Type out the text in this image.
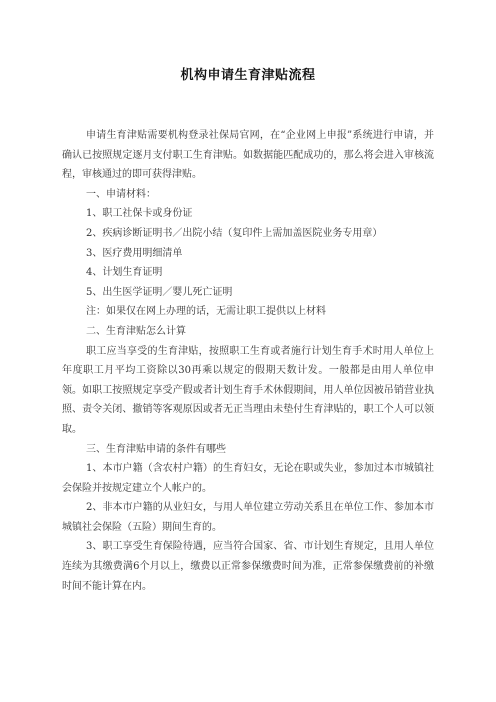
机构申请生育津贴流程

申请生育津贴需要机构登录社保局官网，在“企业网上申报”系统进行申请，并确认已按照规定逐月支付职工生育津贴。如数据能匹配成功的，那么将会进入审核流程，审核通过的即可获得津贴。

一、申请材料：

1、职工社保卡或身份证

2、疾病诊断证明书／出院小结（复印件上需加盖医院业务专用章）

3、医疗费用明细清单

4、计划生育证明

5、出生医学证明／婴儿死亡证明

注：如果仅在网上办理的话，无需让职工提供以上材料

二、生育津贴怎么计算

职工应当享受的生育津贴，按照职工生育或者施行计划生育手术时用人单位上年度职工月平均工资除以30再乘以规定的假期天数计发。一般都是由用人单位申领。如职工按照规定享受产假或者计划生育手术休假期间，用人单位因被吊销营业执照、责令关闭、撤销等客观原因或者无正当理由未垫付生育津贴的，职工个人可以领取。

三、生育津贴申请的条件有哪些

1、本市户籍（含农村户籍）的生育妇女，无论在职或失业，参加过本市城镇社会保险并按规定建立个人帐户的。

2、非本市户籍的从业妇女，与用人单位建立劳动关系且在单位工作、参加本市城镇社会保险（五险）期间生育的。

3、职工享受生育保险待遇，应当符合国家、省、市计划生育规定，且用人单位连续为其缴费满6个月以上，缴费以正常参保缴费时间为准，正常参保缴费前的补缴时间不能计算在内。
